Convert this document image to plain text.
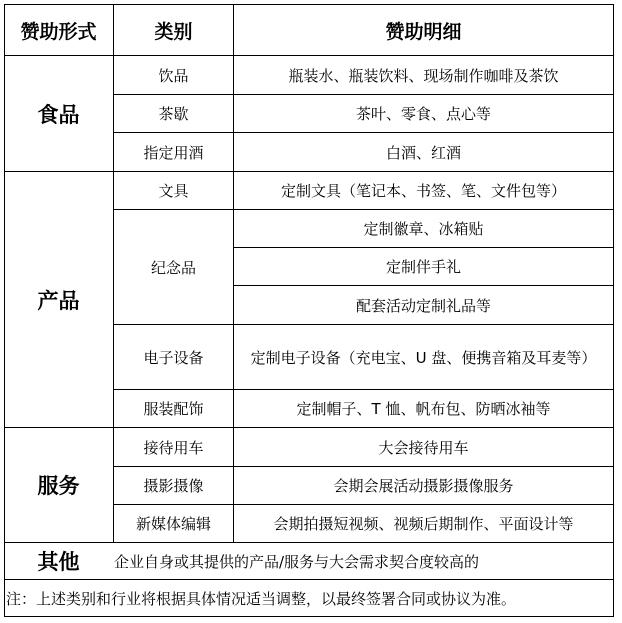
赞助形式	类别	赞助明细
食品
饮品	瓶装水、瓶装饮料、现场制作咖啡及茶饮
茶歇	茶叶、零食、点心等
指定用酒	白酒、红酒
产品
文具	定制文具（笔记本、书签、笔、文件包等）
纪念品
定制徽章、冰箱贴
定制伴手礼
配套活动定制礼品等
电子设备	定制电子设备（充电宝、U 盘、便携音箱及耳麦等）
服装配饰	定制帽子、T 恤、帆布包、防晒冰袖等
服务
接待用车	大会接待用车
摄影摄像	会期会展活动摄影摄像服务
新媒体编辑	会期拍摄短视频、视频后期制作、平面设计等
其他	企业自身或其提供的产品/服务与大会需求契合度较高的
注：上述类别和行业将根据具体情况适当调整，以最终签署合同或协议为准。
